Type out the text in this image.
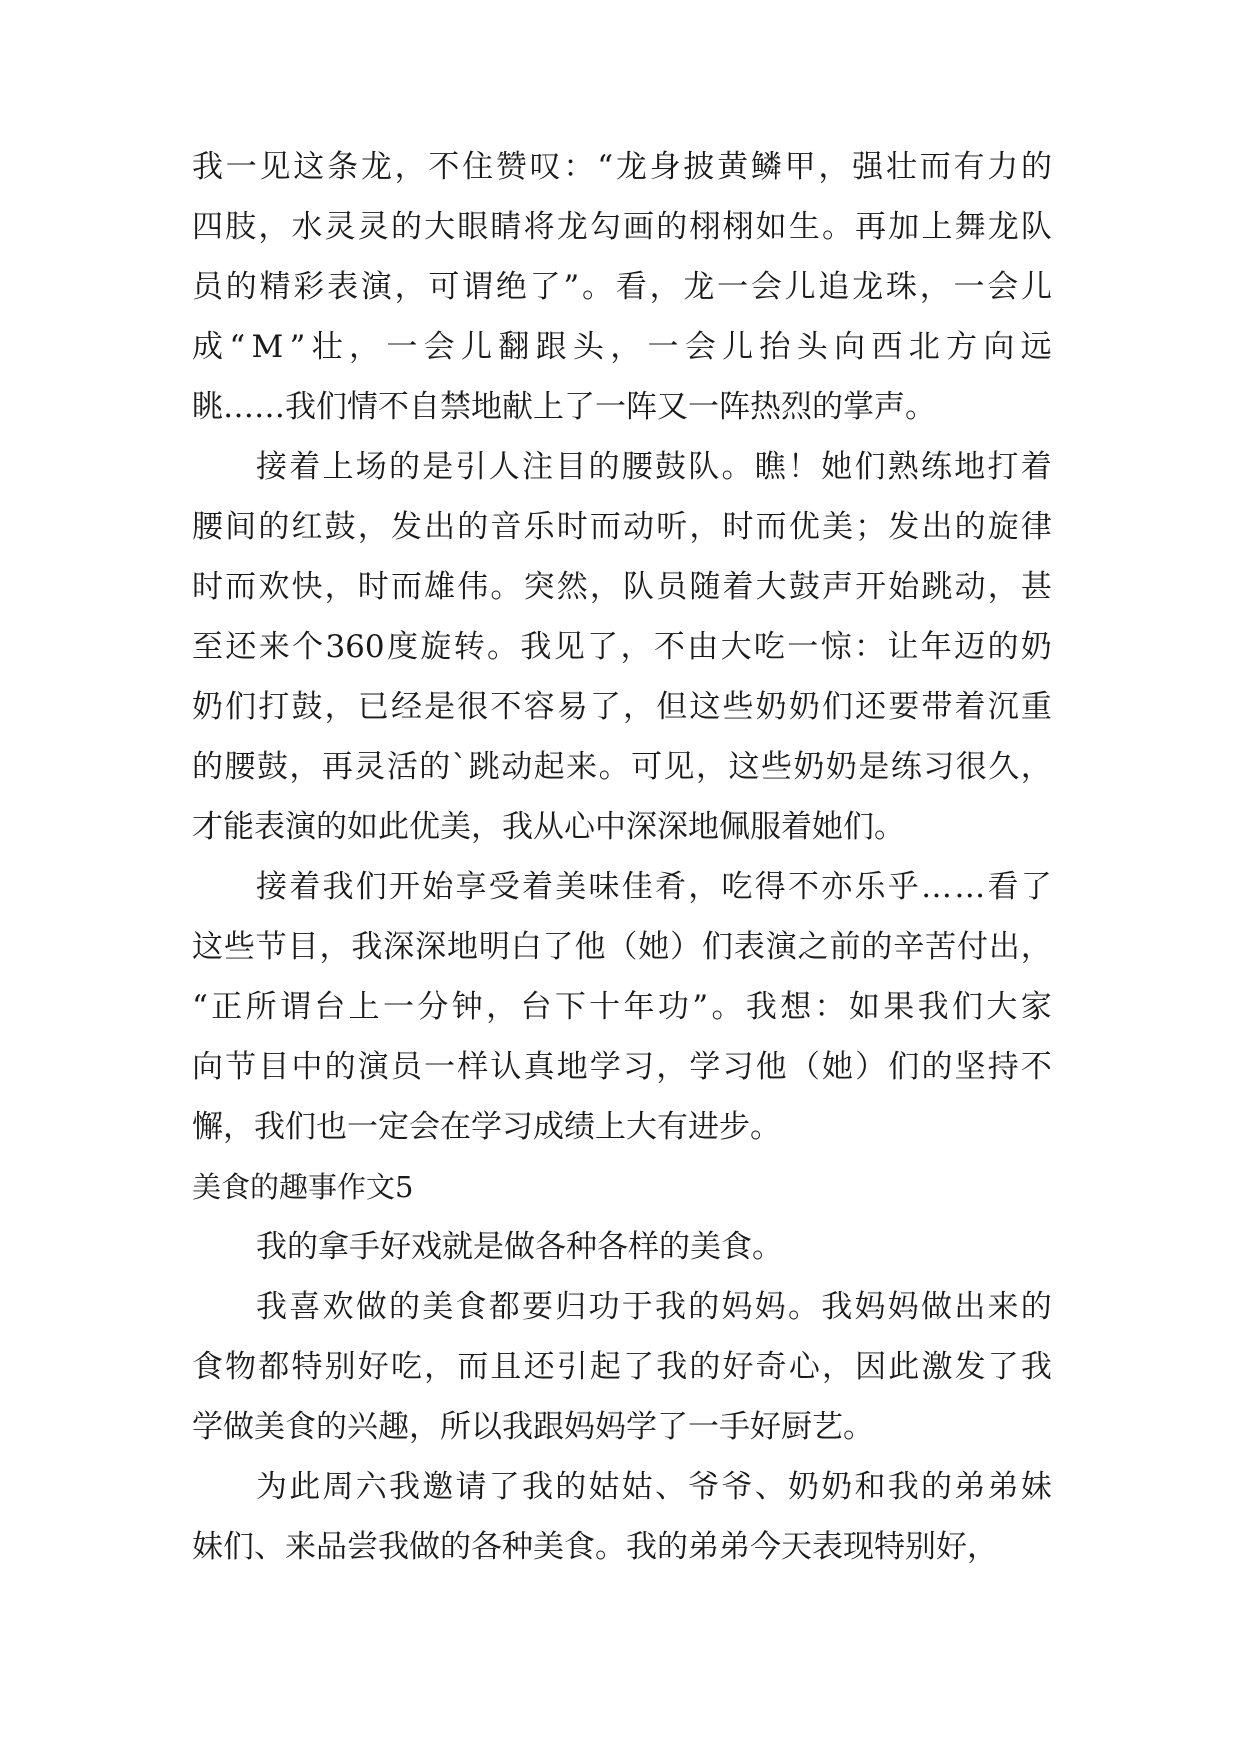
我 一 见 这 条 龙 ， 不 住 赞 叹 ： “ 龙 身 披 黄 鳞 甲 ， 强 壮 而 有 力 的
四 肢 ， 水 灵 灵 的 大 眼 睛 将 龙 勾 画 的 栩 栩 如 生 。 再 加 上 舞 龙 队
员 的 精 彩 表 演 ， 可 谓 绝 了 ” 。 看 ， 龙 一 会 儿 追 龙 珠 ， 一 会 儿
成 “ M ” 壮 ， 一 会 儿 翻 跟 头 ， 一 会 儿 抬 头 向 西 北 方 向 远
眺……我们情不自禁地献上了一阵又一阵热烈的掌声。
接 着 上 场 的 是 引 人 注 目 的 腰 鼓 队 。 瞧 ！ 她 们 熟 练 地 打 着
腰 间 的 红 鼓 ， 发 出 的 音 乐 时 而 动 听 ， 时 而 优 美 ； 发 出 的 旋 律
时 而 欢 快 ， 时 而 雄 伟 。 突 然 ， 队 员 随 着 大 鼓 声 开 始 跳 动 ， 甚
至 还 来 个 360 度 旋 转 。 我 见 了 ， 不 由 大 吃 一 惊 ： 让 年 迈 的 奶
奶 们 打 鼓 ， 已 经 是 很 不 容 易 了 ， 但 这 些 奶 奶 们 还 要 带 着 沉 重
的 腰 鼓 ， 再 灵 活 的 ` 跳 动 起 来 。 可 见 ， 这 些 奶 奶 是 练 习 很 久 ，
才能表演的如此优美，我从心中深深地佩服着她们。
接 着 我 们 开 始 享 受 着 美 味 佳 肴 ， 吃 得 不 亦 乐 乎 … … 看 了
这 些 节 目 ， 我 深 深 地 明 白 了 他 （ 她 ） 们 表 演 之 前 的 辛 苦 付 出 ，
“ 正 所 谓 台 上 一 分 钟 ， 台 下 十 年 功 ” 。 我 想 ： 如 果 我 们 大 家
向 节 目 中 的 演 员 一 样 认 真 地 学 习 ， 学 习 他 （ 她 ） 们 的 坚 持 不
懈，我们也一定会在学习成绩上大有进步。
美食的趣事作文5
我的拿手好戏就是做各种各样的美食。
我 喜 欢 做 的 美 食 都 要 归 功 于 我 的 妈 妈 。 我 妈 妈 做 出 来 的
食 物 都 特 别 好 吃 ， 而 且 还 引 起 了 我 的 好 奇 心 ， 因 此 激 发 了 我
学做美食的兴趣，所以我跟妈妈学了一手好厨艺。
为 此 周 六 我 邀 请 了 我 的 姑 姑 、 爷 爷 、 奶 奶 和 我 的 弟 弟 妹
妹们、来品尝我做的各种美食。我的弟弟今天表现特别好，
